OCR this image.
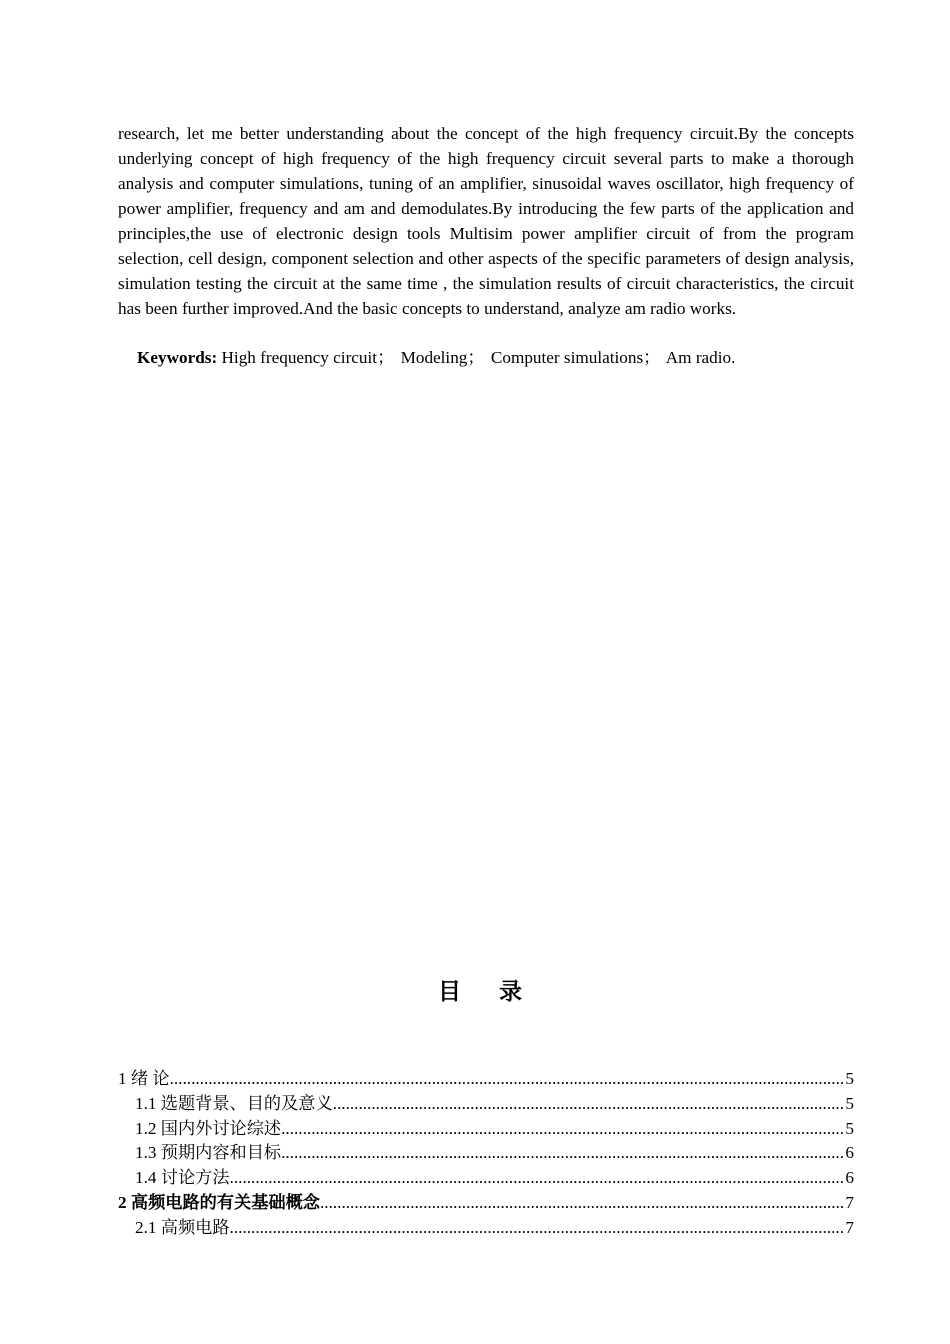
research, let me better understanding about the concept of the high frequency circuit.By the concepts underlying concept of high frequency of the high frequency circuit several parts to make a thorough analysis and computer simulations, tuning of an amplifier, sinusoidal waves oscillator, high frequency of power amplifier, frequency and am and demodulates.By introducing the few parts of the application and principles,the use of electronic design tools Multisim power amplifier circuit of from the program selection, cell design, component selection and other aspects of the specific parameters of design analysis, simulation testing the circuit at the same time , the simulation results of circuit characteristics, the circuit has been further improved.And the basic concepts to understand, analyze am radio works.

Keywords: High frequency circuit； Modeling； Computer simulations； Am radio.
目 录
1 绪 论 .....	5
1.1 选题背景、目的及意义 .....	5
1.2 国内外讨论综述 .....	5
1.3 预期内容和目标 .....	6
1.4 讨论方法 .....	6
2 高频电路的有关基础概念 .....	7
2.1 高频电路 .....	7
